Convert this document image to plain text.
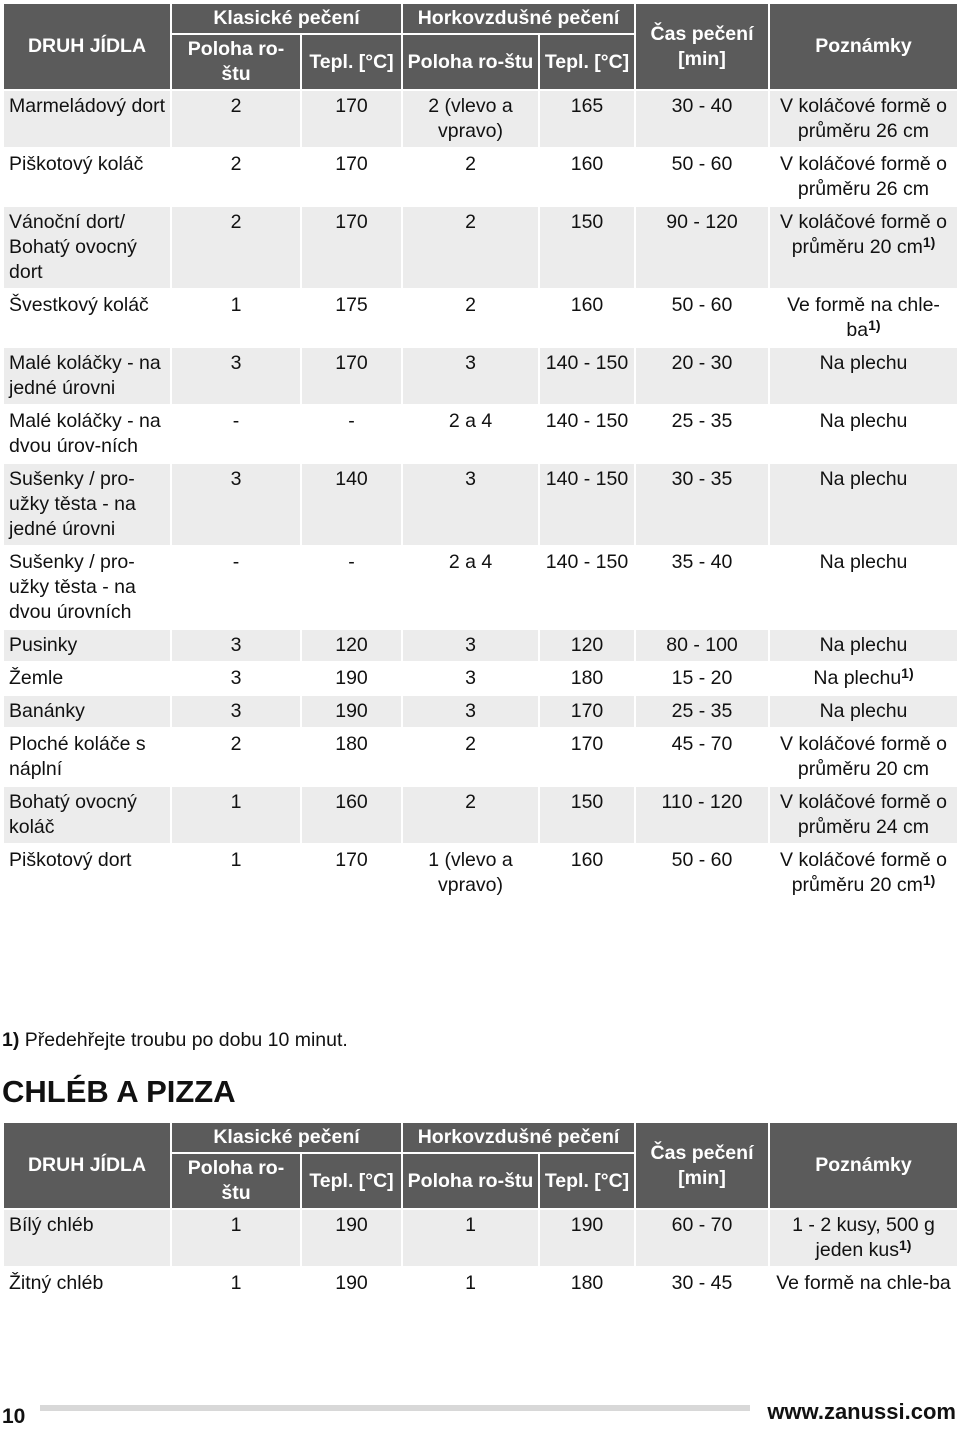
DRUH JÍDLA	Klasické pečení		Horkovzdušné pečení		Čas pečení [min]	Poznámky
	Poloha ro-štu	Tepl. [°C]	Poloha ro-štu	Tepl. [°C]		
Marmeládový dort	2	170	2 (vlevo a vpravo)	165	30 - 40	V koláčové formě o průměru 26 cm
Piškotový koláč	2	170	2	160	50 - 60	V koláčové formě o průměru 26 cm
Vánoční dort/ Bohatý ovocný dort	2	170	2	150	90 - 120	V koláčové formě o průměru 20 $cm^{1)}$
Švestkový koláč	1	175	2	160	50 - 60	Ve formě na chle-$ba^{1)}$
Malé koláčky - na jedné úrovni	3	170	3	140 - 150	20 - 30	Na plechu
Malé koláčky - na dvou úrov-ních	-	-	2 a 4	140 - 150	25 - 35	Na plechu
Sušenky / pro-užky těsta - na jedné úrovni	3	140	3	140 - 150	30 - 35	Na plechu
Sušenky / pro-užky těsta - na dvou úrovních	-	-	2 a 4	140 - 150	35 - 40	Na plechu
Pusinky	3	120	3	120	80 - 100	Na plechu
Žemle	3	190	3	180	15 - 20	Na plechu$^{1)}$
Banánky	3	190	3	170	25 - 35	Na plechu
Ploché koláče s náplní	2	180	2	170	45 - 70	V koláčové formě o průměru 20 cm
Bohatý ovocný koláč	1	160	2	150	110 - 120	V koláčové formě o průměru 24 cm
Piškotový dort	1	170	1 (vlevo a vpravo)	160	50 - 60	V koláčové formě o průměru 20 $cm^{1)}$
1) Předehřejte troubu po dobu 10 minut.
CHLÉB A PIZZA
DRUH JÍDLA	Klasické pečení		Horkovzdušné pečení		Čas pečení [min]	Poznámky
	Poloha ro-štu	Tepl. [°C]	Poloha ro-štu	Tepl. [°C]		
Bílý chléb	1	190	1	190	60 - 70	1 - 2 kusy, 500 g jeden kus$^{1)}$
Žitný chléb	1	190	1	180	30 - 45	Ve formě na chle-ba
10	www.zanussi.com
